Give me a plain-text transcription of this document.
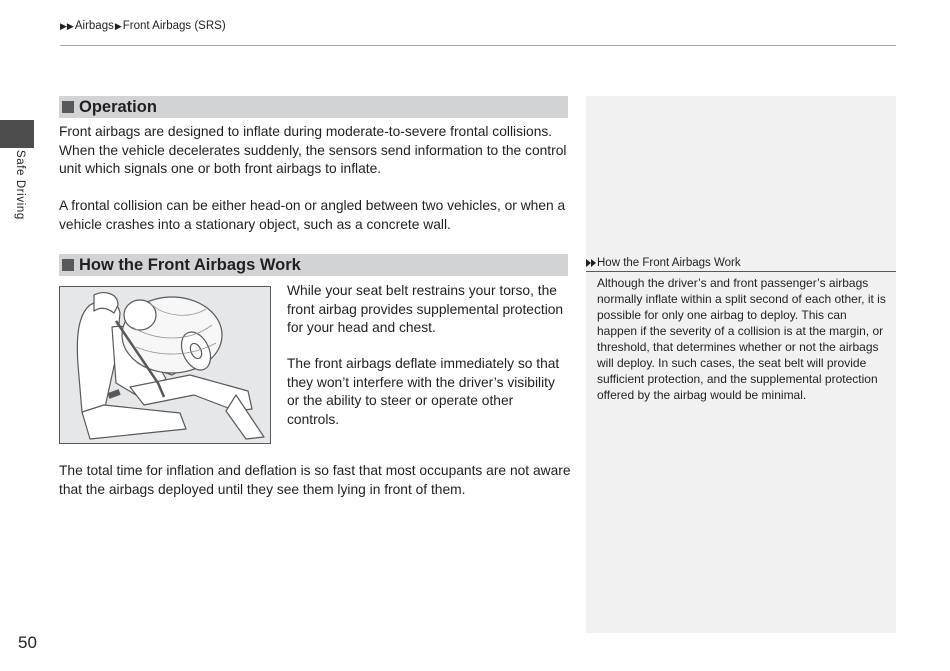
▶▶ Airbags ▶ Front Airbags (SRS)
Safe Driving
How the Front Airbags Work

Although the driver’s and front passenger’s airbags normally inflate within a split second of each other, it is possible for only one airbag to deploy. This can happen if the severity of a collision is at the margin, or threshold, that determines whether or not the airbags will deploy. In such cases, the seat belt will provide sufficient protection, and the supplemental protection offered by the airbag would be minimal.

Operation

Front airbags are designed to inflate during moderate-to-severe frontal collisions. When the vehicle decelerates suddenly, the sensors send information to the control unit which signals one or both front airbags to inflate.

A frontal collision can be either head-on or angled between two vehicles, or when a vehicle crashes into a stationary object, such as a concrete wall.

How the Front Airbags Work

While your seat belt restrains your torso, the front airbag provides supplemental protection for your head and chest.

The front airbags deflate immediately so that they won’t interfere with the driver’s visibility or the ability to steer or operate other controls.

The total time for inflation and deflation is so fast that most occupants are not aware that the airbags deployed until they see them lying in front of them.

50
